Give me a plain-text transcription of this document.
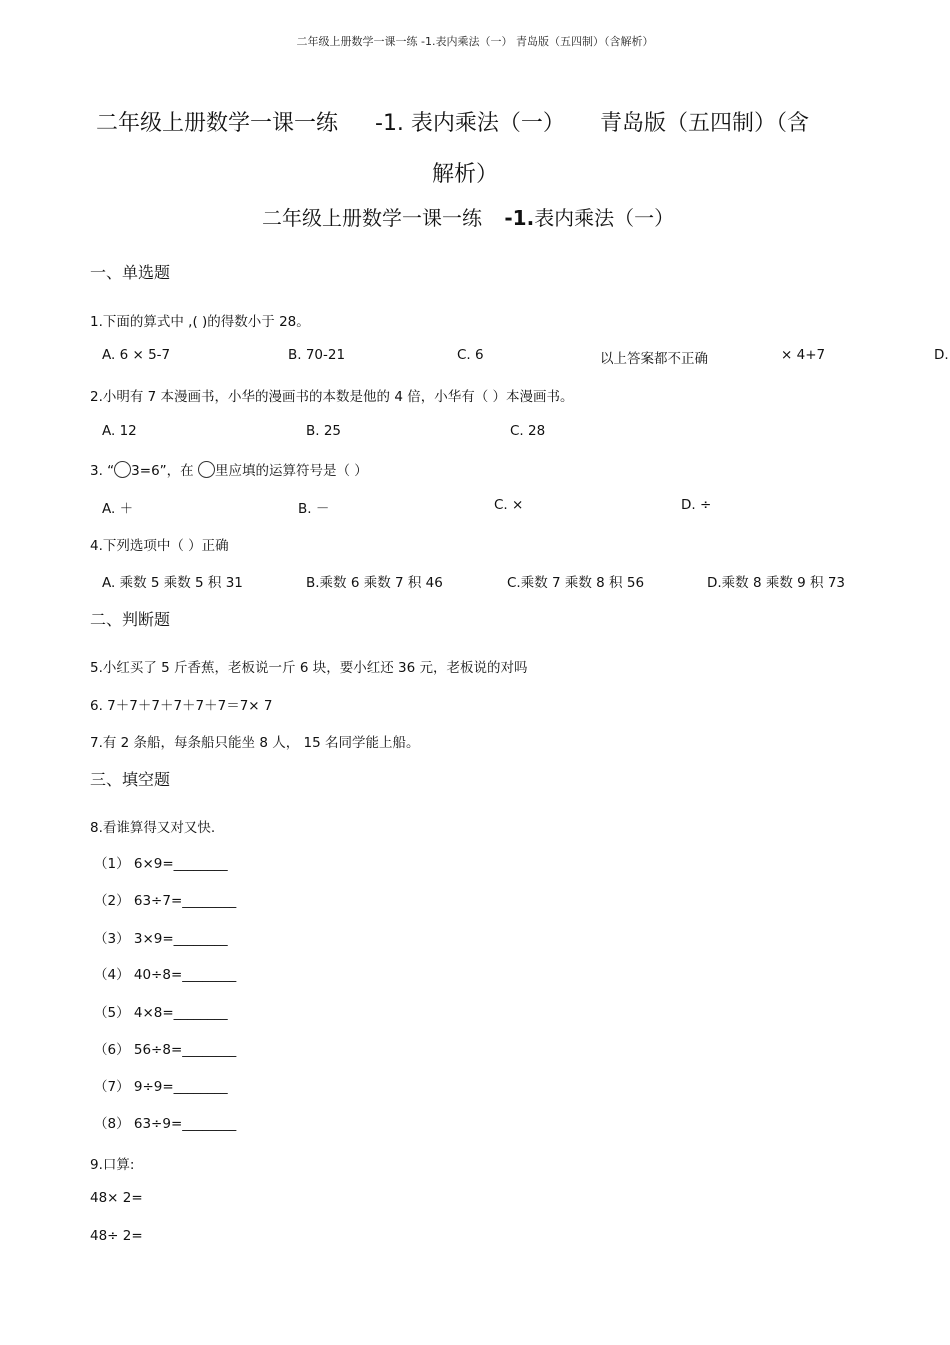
二年级上册数学一课一练 -1.表内乘法（一） 青岛版（五四制）（含解析）
二年级上册数学一课一练 -1. 表内乘法（一） 青岛版（五四制）（含
解析）
二年级上册数学一课一练 -1.表内乘法（一）
一、单选题
1.下面的算式中 ,( )的得数小于 28。
A. 6 × 5-7	B. 70-21	C. 6	以上答案都不正确	× 4+7	D.
2.小明有 7 本漫画书，小华的漫画书的本数是他的 4 倍，小华有（ ）本漫画书。
A. 12	B. 25	C. 28
3. “ 3=6”，在 里应填的运算符号是（ ）
A. ＋	B. －	C. ×	D. ÷
4.下列选项中（ ）正确
A. 乘数 5 乘数 5 积 31	B.乘数 6 乘数 7 积 46	C.乘数 7 乘数 8 积 56	D.乘数 8 乘数 9 积 73
二、判断题
5.小红买了 5 斤香蕉，老板说一斤 6 块，要小红还 36 元，老板说的对吗
6. 7＋7＋7＋7＋7＋7＝7× 7
7.有 2 条船，每条船只能坐 8 人， 15 名同学能上船。
三、填空题
8.看谁算得又对又快.
（1） 6×9=________
（2） 63÷7=________
（3） 3×9=________
（4） 40÷8=________
（5） 4×8=________
（6） 56÷8=________
（7） 9÷9=________
（8） 63÷9=________
9.口算:
48× 2=
48÷ 2=
